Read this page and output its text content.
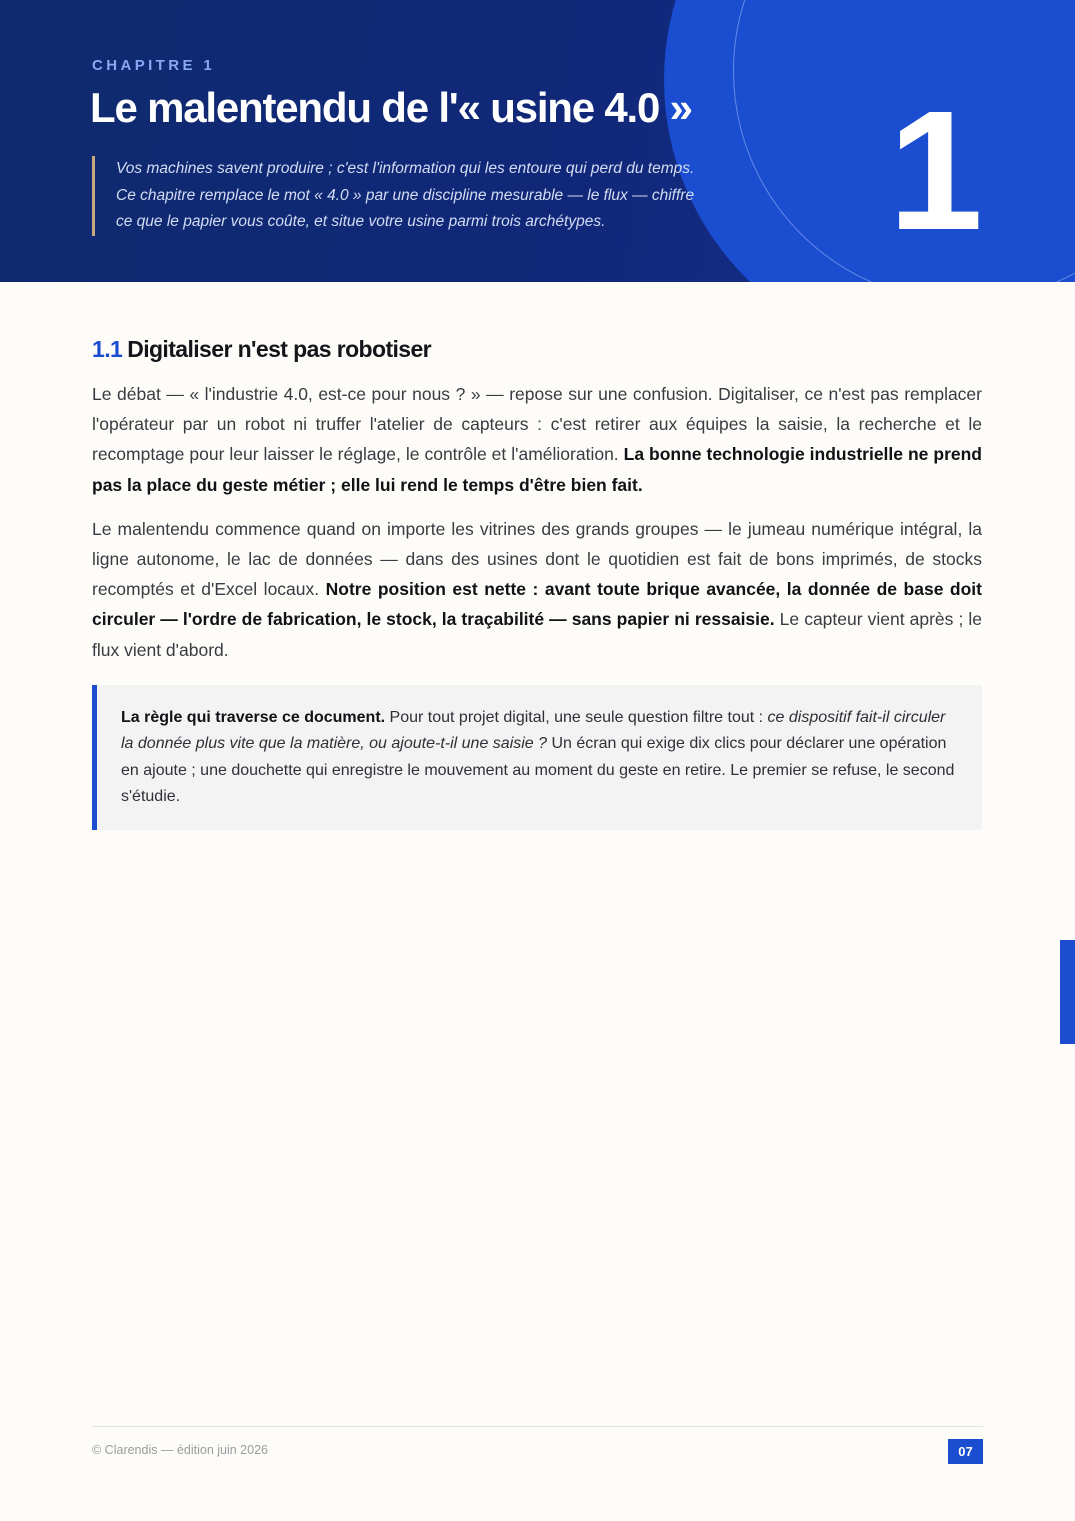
CHAPITRE 1
Le malentendu de l'« usine 4.0 »

Vos machines savent produire ; c'est l'information qui les entoure qui perd du temps.

Ce chapitre remplace le mot « 4.0 » par une discipline mesurable — le flux — chiffre

ce que le papier vous coûte, et situe votre usine parmi trois archétypes.	1
1.1 Digitaliser n'est pas robotiser

Le débat — « l'industrie 4.0, est-ce pour nous ? » — repose sur une confusion. Digitaliser, ce n'est pas remplacer l'opérateur par un robot ni truffer l'atelier de capteurs : c'est retirer aux équipes la saisie, la recherche et le recomptage pour leur laisser le réglage, le contrôle et l'amélioration. La bonne technologie industrielle ne prend pas la place du geste métier ; elle lui rend le temps d'être bien fait.

Le malentendu commence quand on importe les vitrines des grands groupes — le jumeau numérique intégral, la ligne autonome, le lac de données — dans des usines dont le quotidien est fait de bons imprimés, de stocks recomptés et d'Excel locaux. Notre position est nette : avant toute brique avancée, la donnée de base doit circuler — l'ordre de fabrication, le stock, la traçabilité — sans papier ni ressaisie. Le capteur vient après ; le flux vient d'abord.

La règle qui traverse ce document. Pour tout projet digital, une seule question filtre tout : ce dispositif fait-il circuler la donnée plus vite que la matière, ou ajoute-t-il une saisie ? Un écran qui exige dix clics pour déclarer une opération en ajoute ; une douchette qui enregistre le mouvement au moment du geste en retire. Le premier se refuse, le second s'étudie.
© Clarendis — édition juin 2026	07
